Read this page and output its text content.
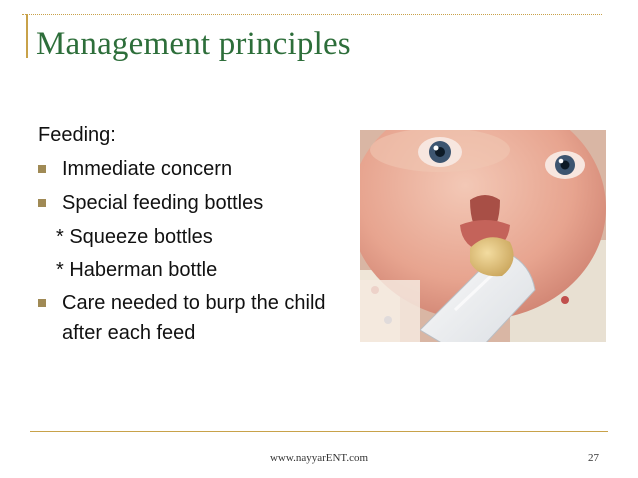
Management principles
Feeding:
Immediate concern
Special feeding bottles
* Squeeze bottles
* Haberman bottle
Care needed to burp the child after each feed
www.nayyarENT.com	27
